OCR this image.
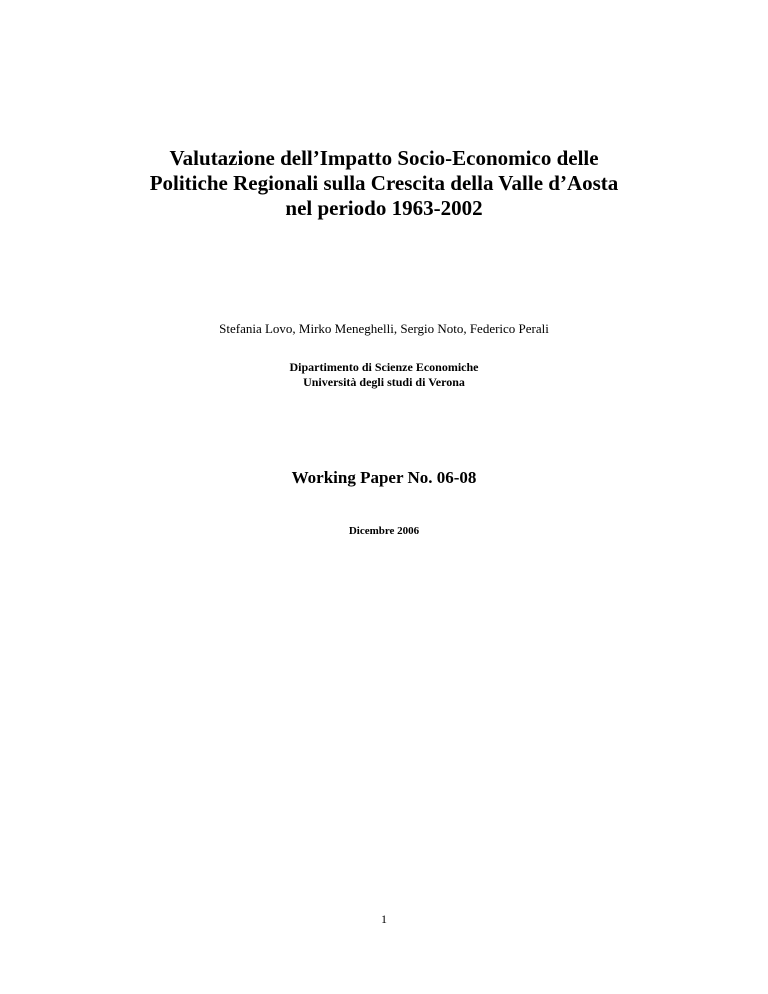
Valutazione dell’Impatto Socio-Economico delle
Politiche Regionali sulla Crescita della Valle d’Aosta
nel periodo 1963-2002
Stefania Lovo, Mirko Meneghelli, Sergio Noto, Federico Perali
Dipartimento di Scienze Economiche
Università degli studi di Verona
Working Paper No. 06-08
Dicembre 2006
1
